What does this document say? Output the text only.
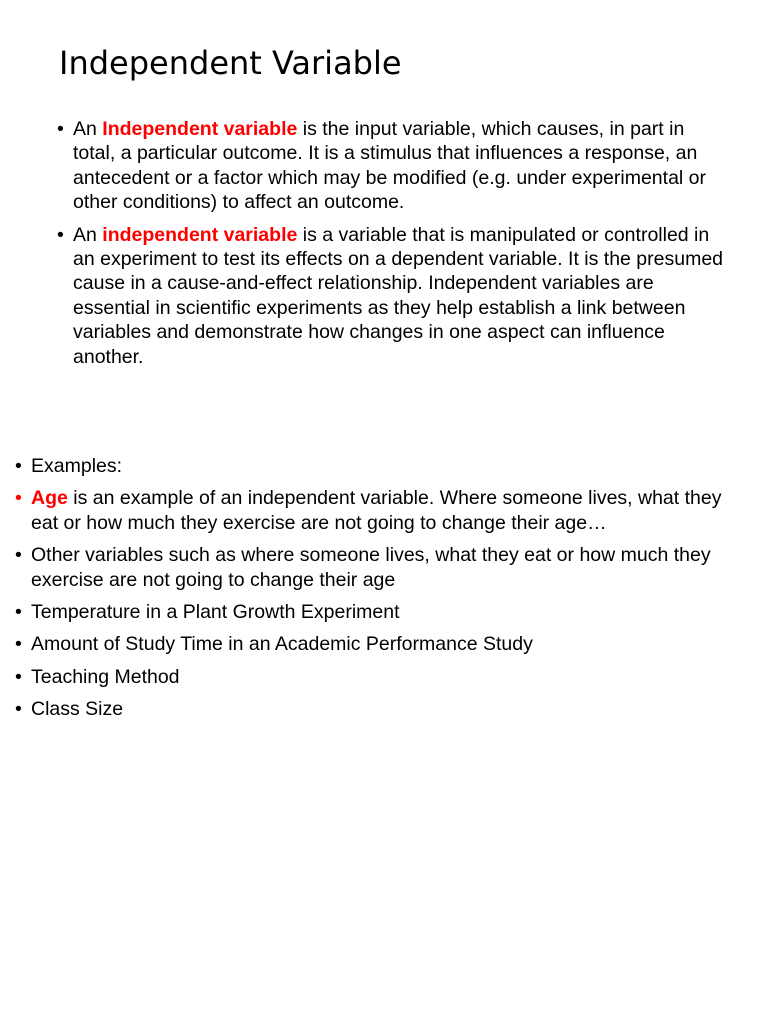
Independent Variable
• An Independent variable is the input variable, which causes, in part in total, a particular outcome. It is a stimulus that influences a response, an antecedent or a factor which may be modified (e.g. under experimental or other conditions) to affect an outcome.
• An independent variable is a variable that is manipulated or controlled in an experiment to test its effects on a dependent variable. It is the presumed cause in a cause-and-effect relationship. Independent variables are essential in scientific experiments as they help establish a link between variables and demonstrate how changes in one aspect can influence another.
• Examples:
• Age is an example of an independent variable. Where someone lives, what they eat or how much they exercise are not going to change their age…
• Other variables such as where someone lives, what they eat or how much they exercise are not going to change their age
• Temperature in a Plant Growth Experiment
• Amount of Study Time in an Academic Performance Study
• Teaching Method
• Class Size
